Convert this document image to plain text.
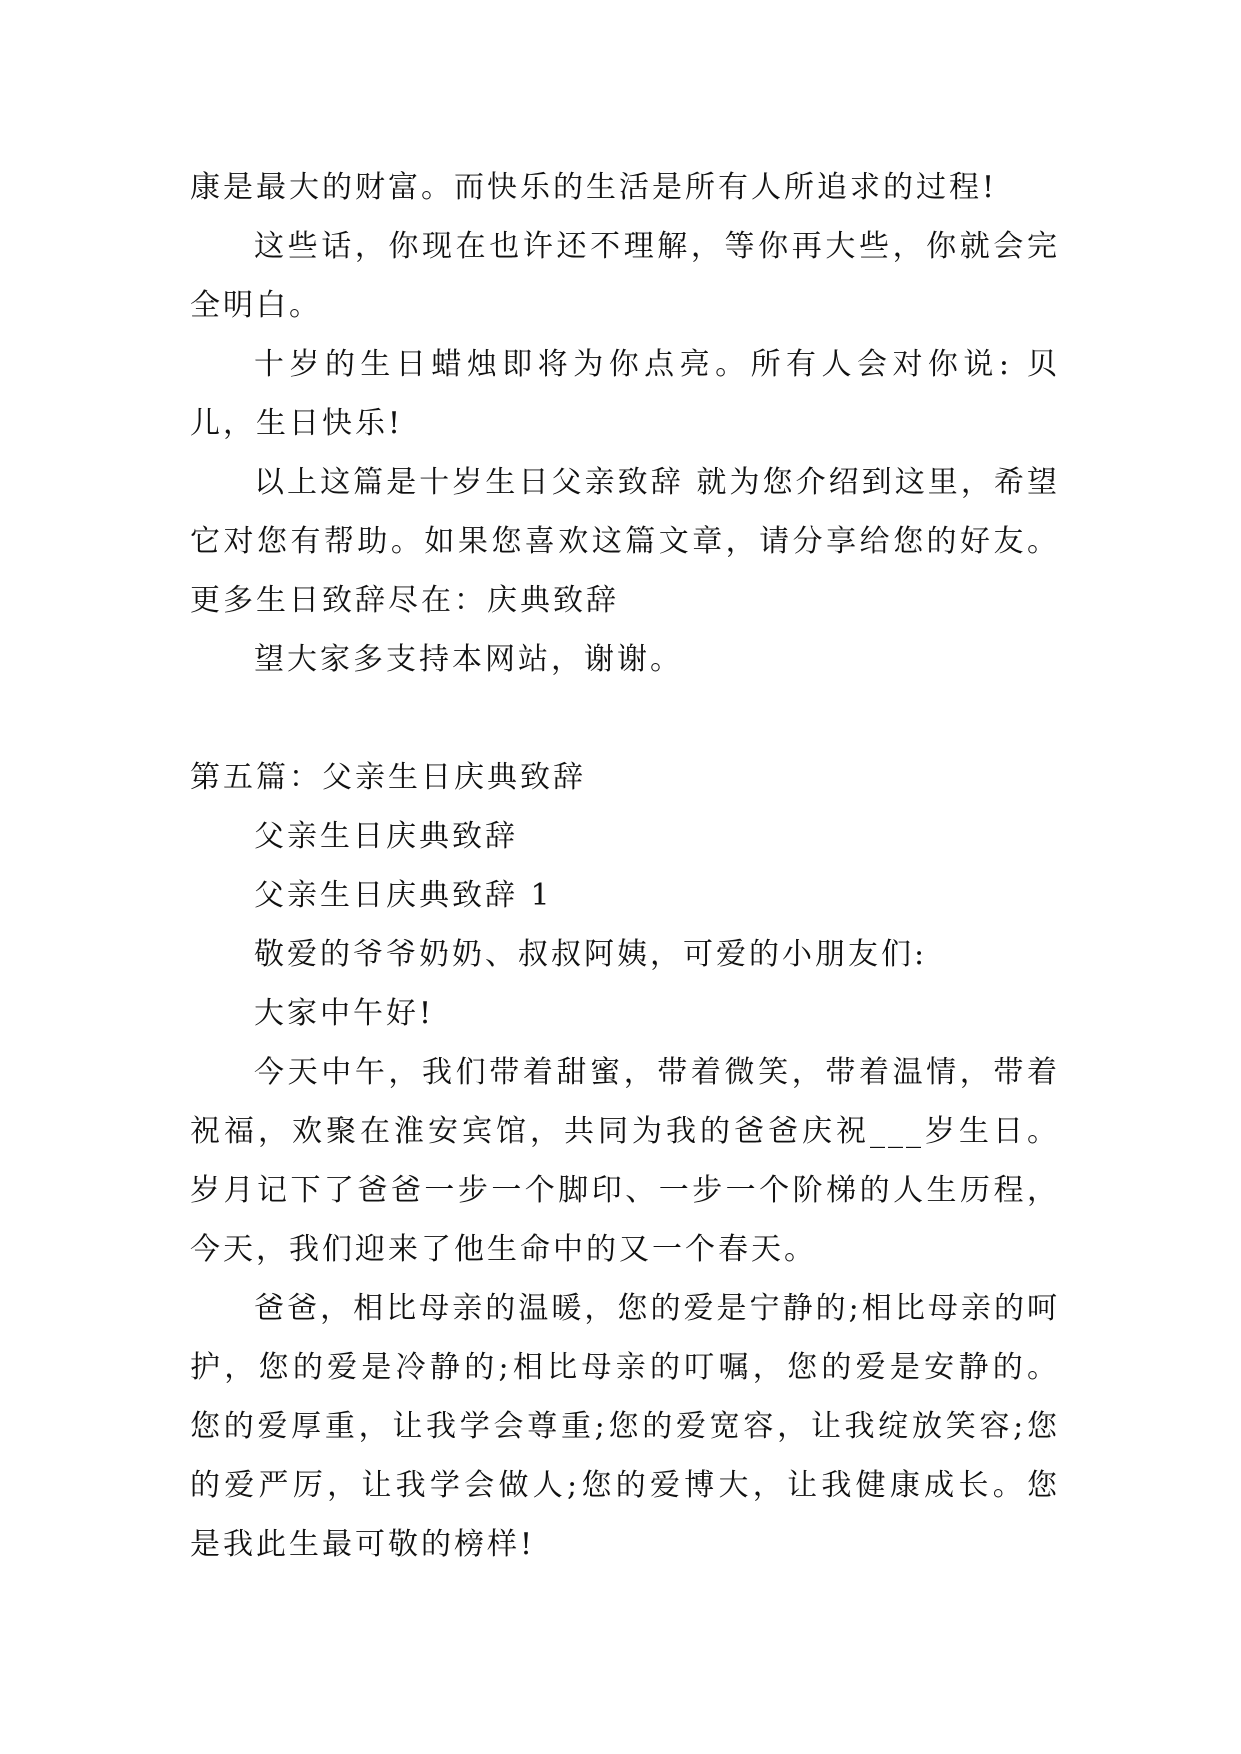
康是最大的财富。而快乐的生活是所有人所追求的过程!

这些话，你现在也许还不理解，等你再大些，你就会完全明白。

十岁的生日蜡烛即将为你点亮。所有人会对你说: 贝儿，生日快乐!

以上这篇是十岁生日父亲致辞 就为您介绍到这里，希望它对您有帮助。如果您喜欢这篇文章，请分享给您的好友。更多生日致辞尽在：庆典致辞

望大家多支持本网站，谢谢。

第五篇：父亲生日庆典致辞

父亲生日庆典致辞

父亲生日庆典致辞 1

敬爱的爷爷奶奶、叔叔阿姨，可爱的小朋友们:

大家中午好!

今天中午，我们带着甜蜜，带着微笑，带着温情，带着祝福，欢聚在淮安宾馆，共同为我的爸爸庆祝___岁生日。岁月记下了爸爸一步一个脚印、一步一个阶梯的人生历程，今天，我们迎来了他生命中的又一个春天。

爸爸，相比母亲的温暖，您的爱是宁静的;相比母亲的呵护，您的爱是冷静的;相比母亲的叮嘱，您的爱是安静的。您的爱厚重，让我学会尊重;您的爱宽容，让我绽放笑容;您的爱严厉，让我学会做人;您的爱博大，让我健康成长。您是我此生最可敬的榜样!
